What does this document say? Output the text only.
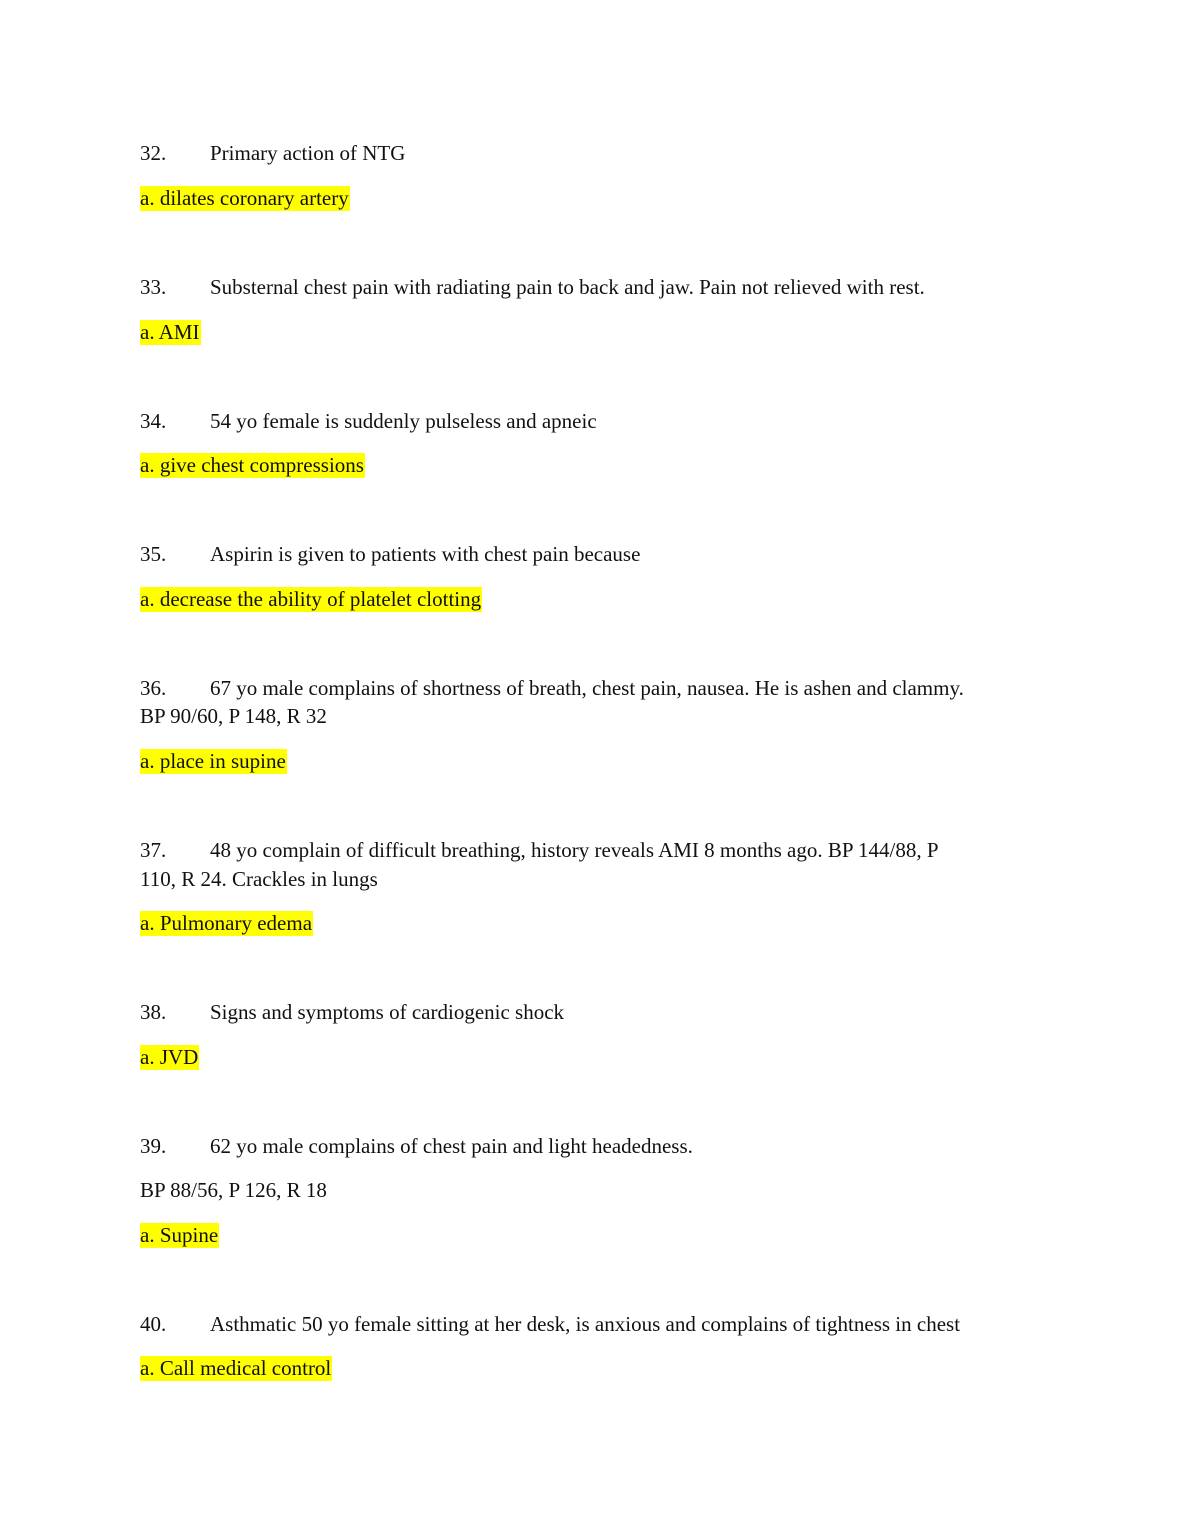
32. Primary action of NTG
a. dilates coronary artery
33. Substernal chest pain with radiating pain to back and jaw. Pain not relieved with rest.
a. AMI
34. 54 yo female is suddenly pulseless and apneic
a. give chest compressions
35. Aspirin is given to patients with chest pain because
a. decrease the ability of platelet clotting
36. 67 yo male complains of shortness of breath, chest pain, nausea. He is ashen and clammy.
BP 90/60, P 148, R 32
a. place in supine
37. 48 yo complain of difficult breathing, history reveals AMI 8 months ago. BP 144/88, P
110, R 24. Crackles in lungs
a. Pulmonary edema
38. Signs and symptoms of cardiogenic shock
a. JVD
39. 62 yo male complains of chest pain and light headedness.
BP 88/56, P 126, R 18
a. Supine
40. Asthmatic 50 yo female sitting at her desk, is anxious and complains of tightness in chest
a. Call medical control
